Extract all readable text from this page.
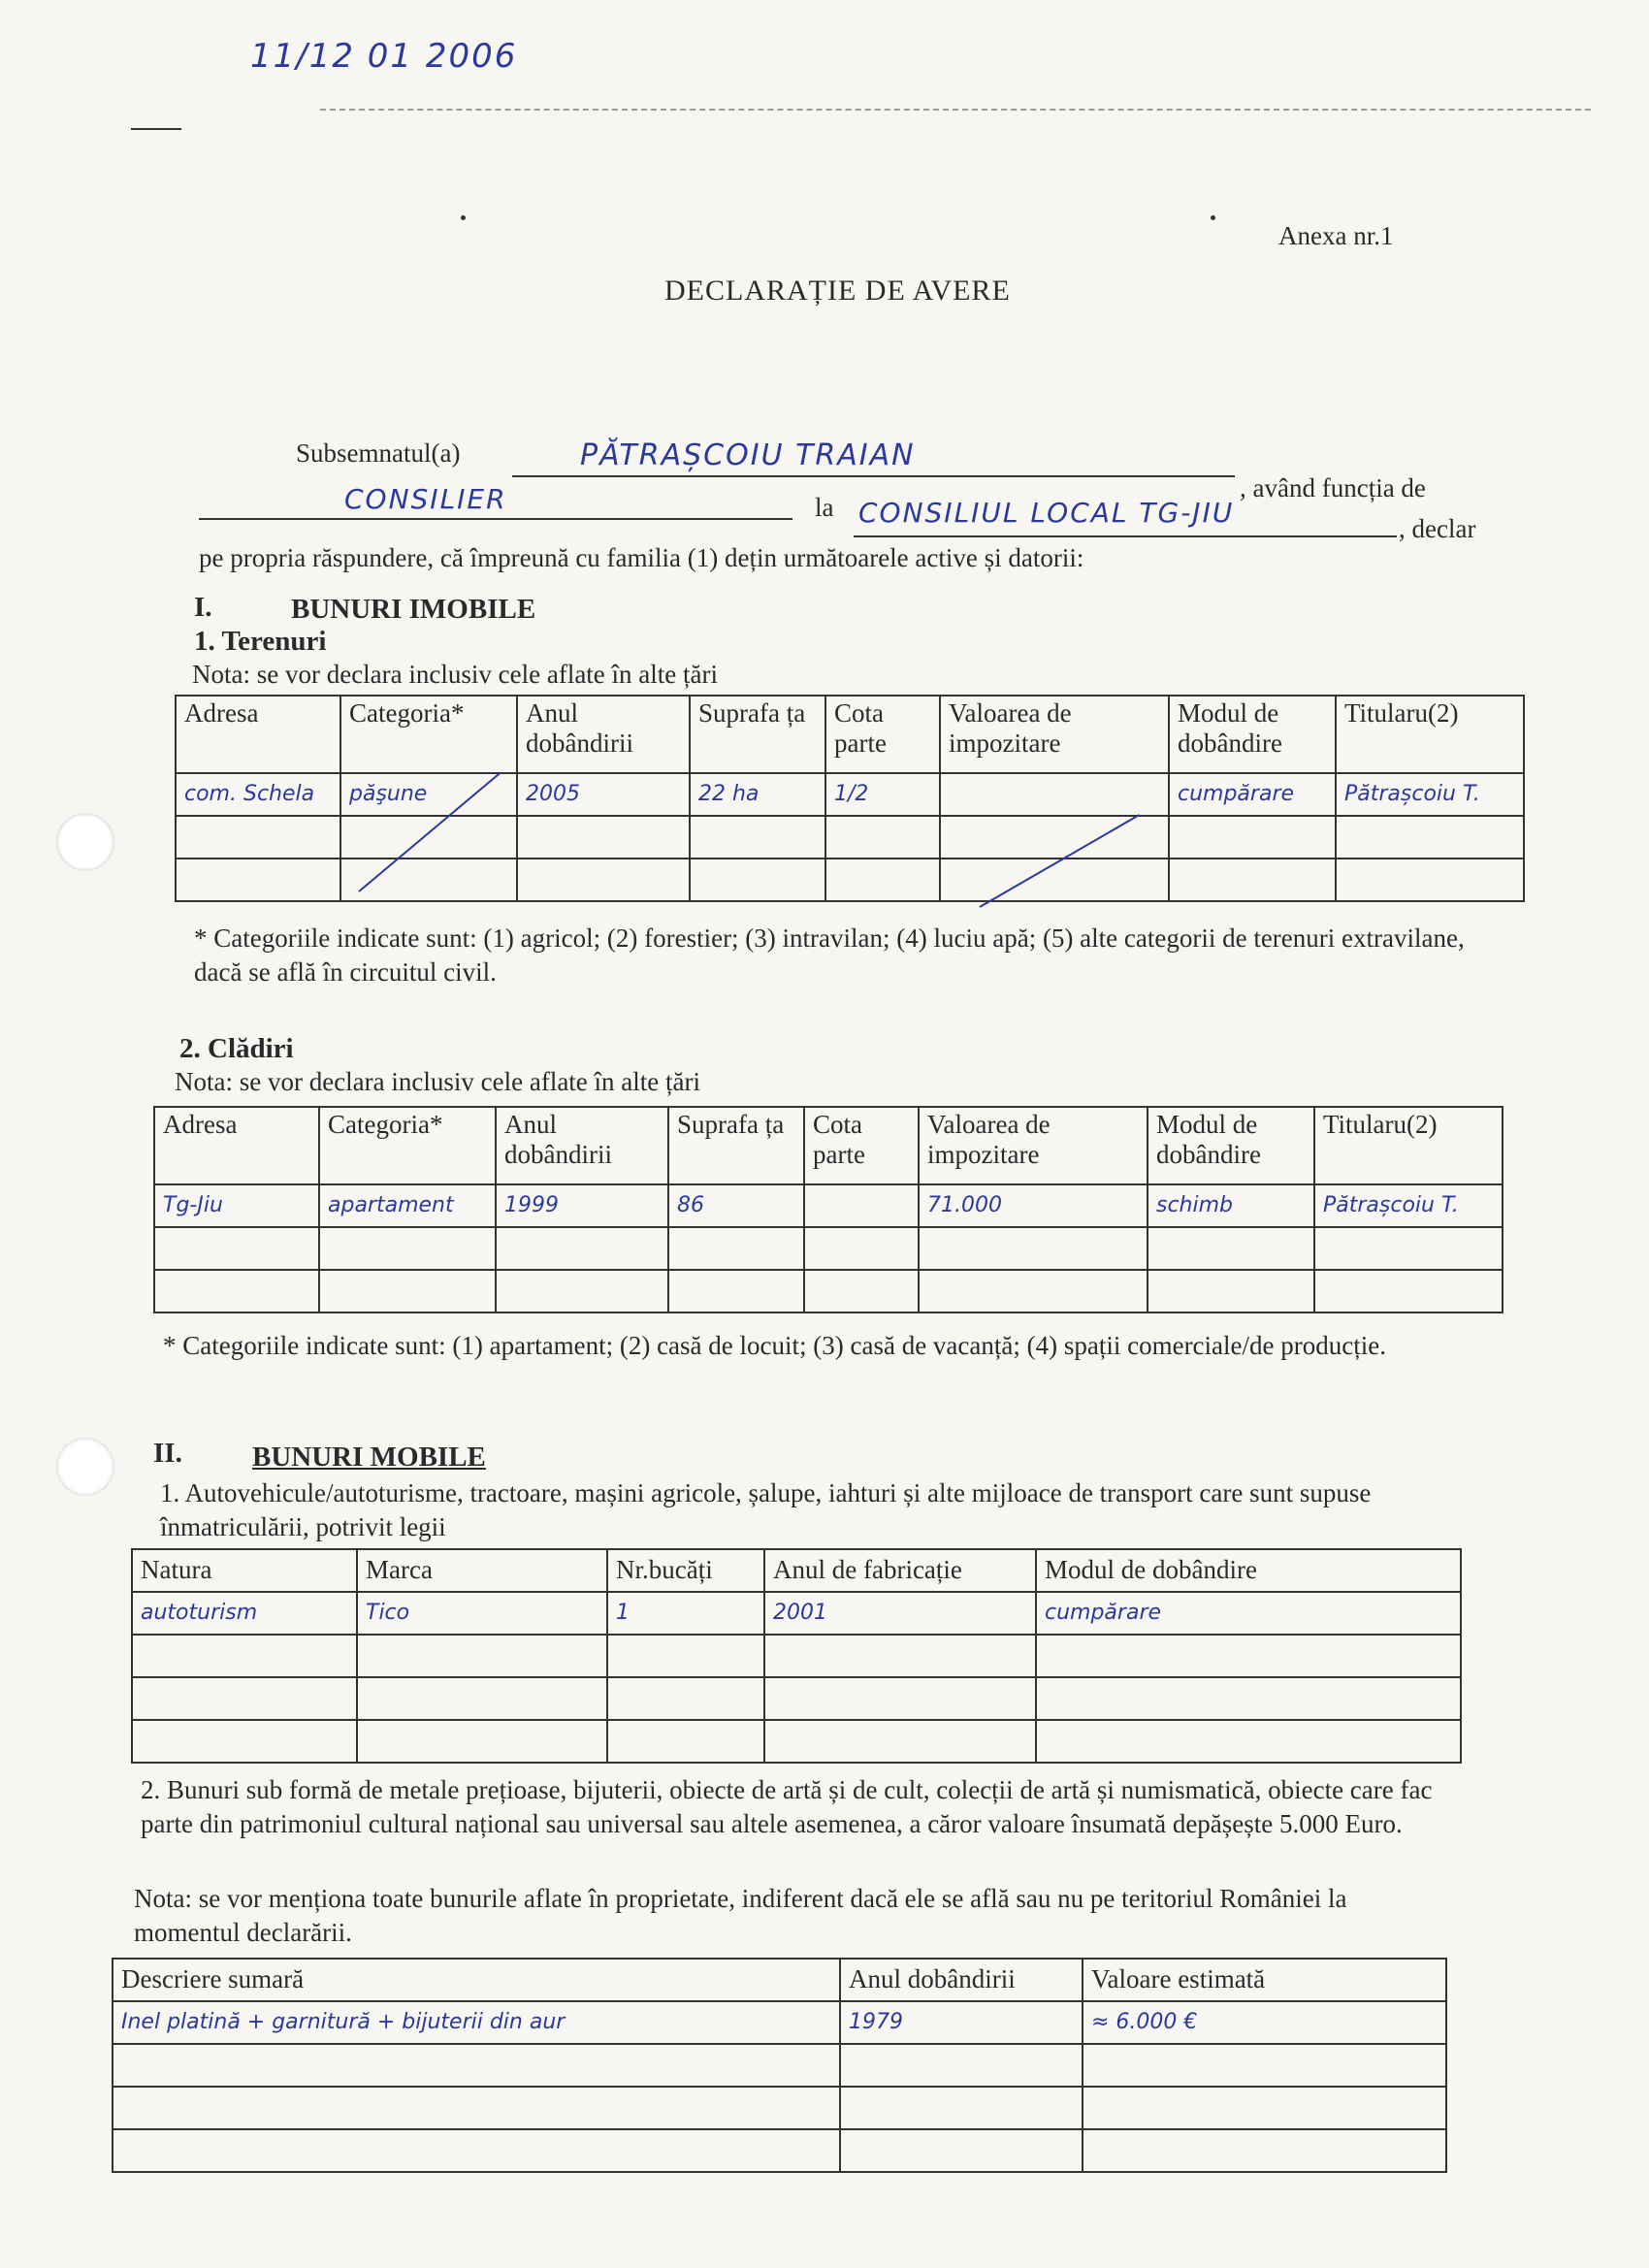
11/12 01 2006
Anexa nr.1
DECLARAȚIE DE AVERE
Subsemnatul(a)	PĂTRAȘCOIU TRAIAN
, având funcția de
CONSILIER	la CONSILIUL LOCAL TG-JIU	, declar
pe propria răspundere, că împreună cu familia (1) dețin următoarele active și datorii:
I.	BUNURI IMOBILE
1. Terenuri
Nota: se vor declara inclusiv cele aflate în alte țări
Adresa	Categoria*	Anul dobândirii	Suprafa ța	Cota parte	Valoarea de impozitare	Modul de dobândire	Titularu(2)
com. Schela	păşune	2005	22 ha	1/2		cumpărare	Pătrașcoiu T.

* Categoriile indicate sunt: (1) agricol; (2) forestier; (3) intravilan; (4) luciu apă; (5) alte categorii de terenuri extravilane, dacă se află în circuitul civil.
2. Clădiri
Nota: se vor declara inclusiv cele aflate în alte țări
Adresa	Categoria*	Anul dobândirii	Suprafa ța	Cota parte	Valoarea de impozitare	Modul de dobândire	Titularu(2)
Tg-Jiu	apartament	1999	86		71.000	schimb	Pătrașcoiu T.

* Categoriile indicate sunt: (1) apartament; (2) casă de locuit; (3) casă de vacanță; (4) spații comerciale/de producție.
II. BUNURI MOBILE
1. Autovehicule/autoturisme, tractoare, mașini agricole, șalupe, iahturi și alte mijloace de transport care sunt supuse înmatriculării, potrivit legii
Natura	Marca	Nr.bucăți	Anul de fabricație	Modul de dobândire
autoturism	Tico	1	2001	cumpărare

2. Bunuri sub formă de metale prețioase, bijuterii, obiecte de artă și de cult, colecții de artă și numismatică, obiecte care fac parte din patrimoniul cultural național sau universal sau altele asemenea, a căror valoare însumată depășește 5.000 Euro.
Nota: se vor menționa toate bunurile aflate în proprietate, indiferent dacă ele se află sau nu pe teritoriul României la momentul declarării.
Descriere sumară	Anul dobândirii	Valoare estimată
Inel platină + garnitură + bijuterii din aur	1979	≈ 6.000 €
